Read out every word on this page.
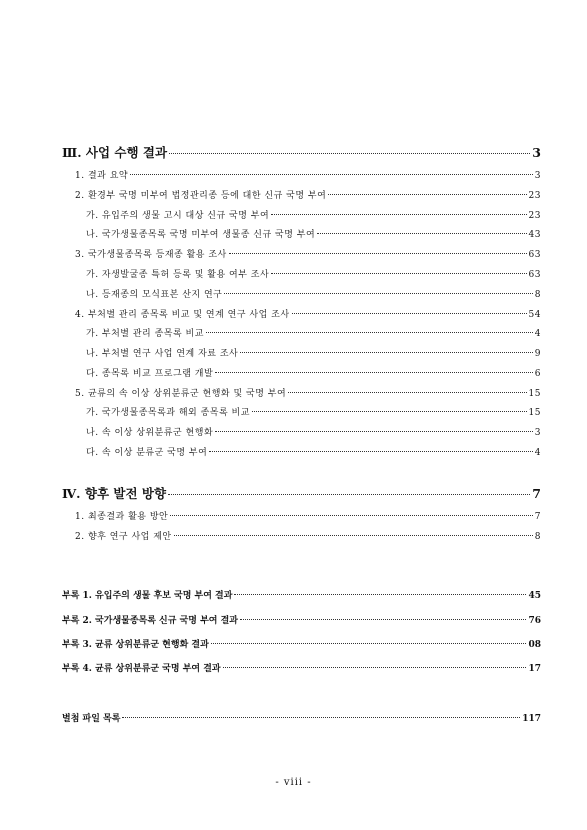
Ⅲ. 사업 수행 결과	3
1. 결과 요약	3
2. 환경부 국명 미부여 법정관리종 등에 대한 신규 국명 부여	23
가. 유입주의 생물 고시 대상 신규 국명 부여	23
나. 국가생물종목록 국명 미부여 생물종 신규 국명 부여	43
3. 국가생물종목록 등재종 활용 조사	63
가. 자생발굴종 특허 등록 및 활용 여부 조사	63
나. 등재종의 모식표본 산지 연구	8
4. 부처별 관리 종목록 비교 및 연계 연구 사업 조사	54
가. 부처별 관리 종목록 비교	4
나. 부처별 연구 사업 연계 자료 조사	9
다. 종목록 비교 프로그램 개발	6
5. 균류의 속 이상 상위분류군 현행화 및 국명 부여	15
가. 국가생물종목록과 해외 종목록 비교	15
나. 속 이상 상위분류군 현행화	3
다. 속 이상 분류군 국명 부여	4
Ⅳ. 향후 발전 방향	7
1. 최종결과 활용 방안	7
2. 향후 연구 사업 제안	8
부록 1. 유입주의 생물 후보 국명 부여 결과	45
부록 2. 국가생물종목록 신규 국명 부여 결과	76
부록 3. 균류 상위분류군 현행화 결과	08
부록 4. 균류 상위분류군 국명 부여 결과	17
별첨 파일 목록	117
- viii -
